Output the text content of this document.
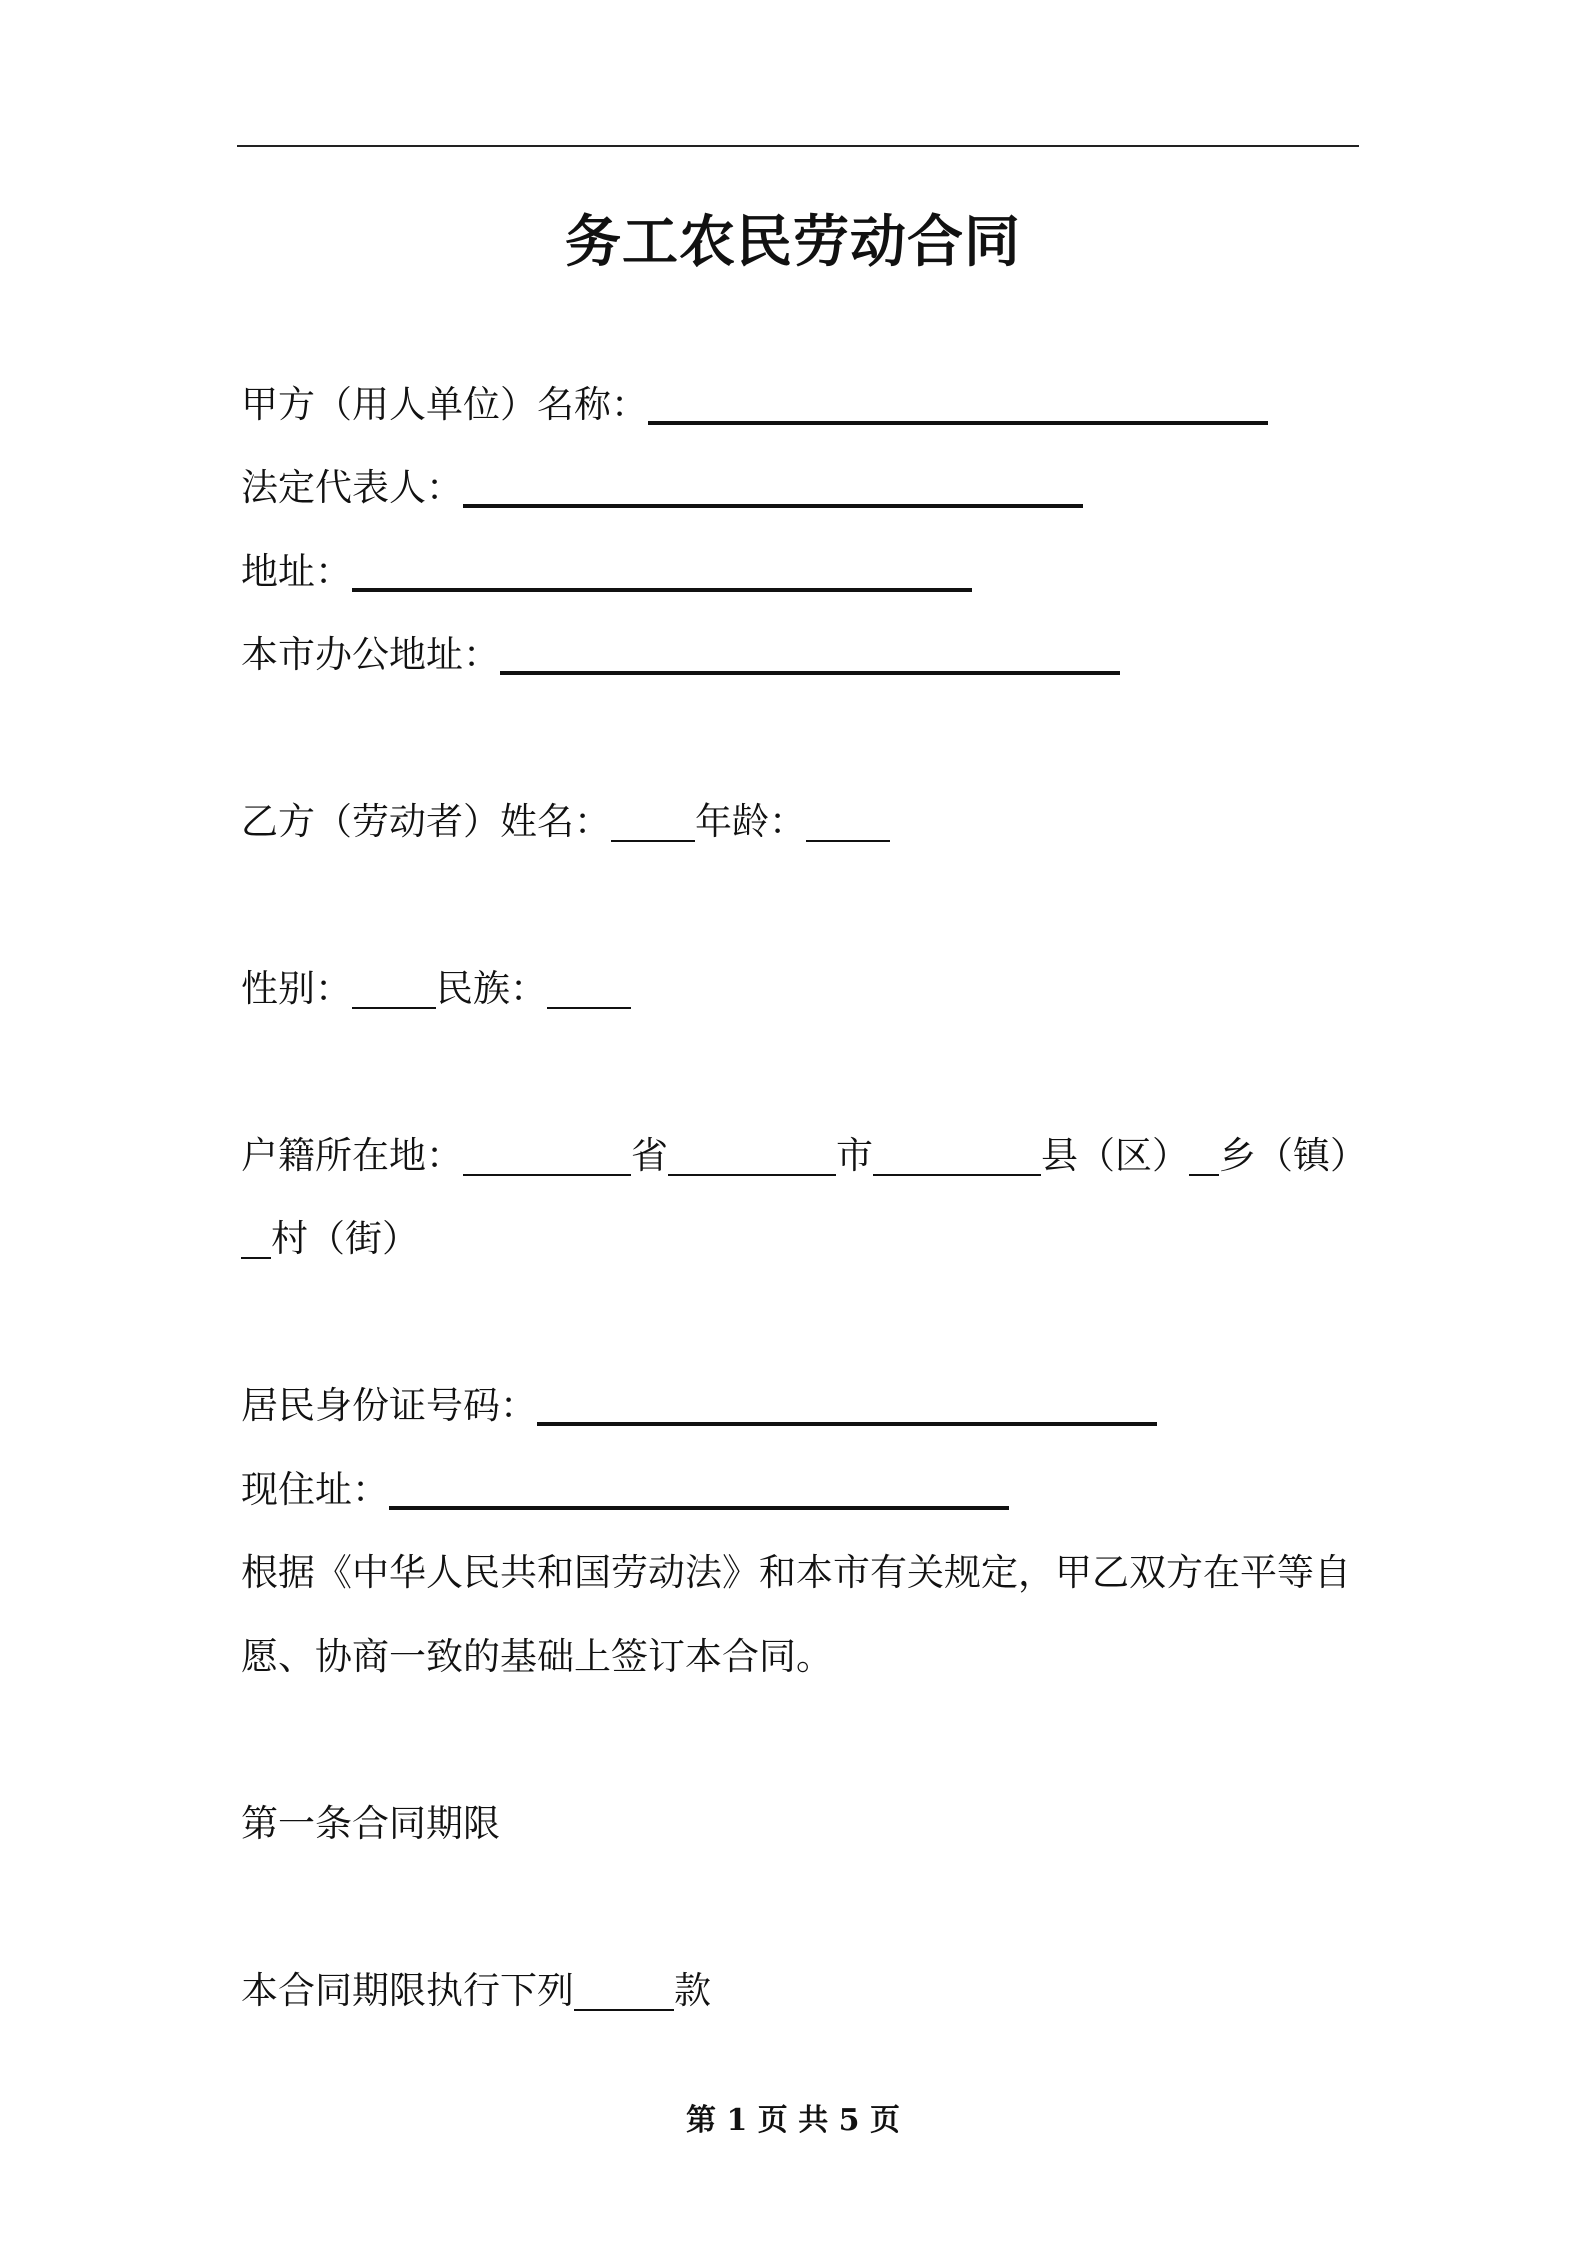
务工农民劳动合同
甲方（用人单位）名称：
法定代表人：
地址：
本市办公地址：
乙方（劳动者）姓名： 年龄：
性别： 民族：
户籍所在地：	省	市	县（区） 乡（镇）
村（街）
居民身份证号码：
现住址：
根据《中华人民共和国劳动法》和本市有关规定，甲乙双方在平等自
愿、协商一致的基础上签订本合同。
第一条合同期限
本合同期限执行下列	款
第 1 页 共 5 页
